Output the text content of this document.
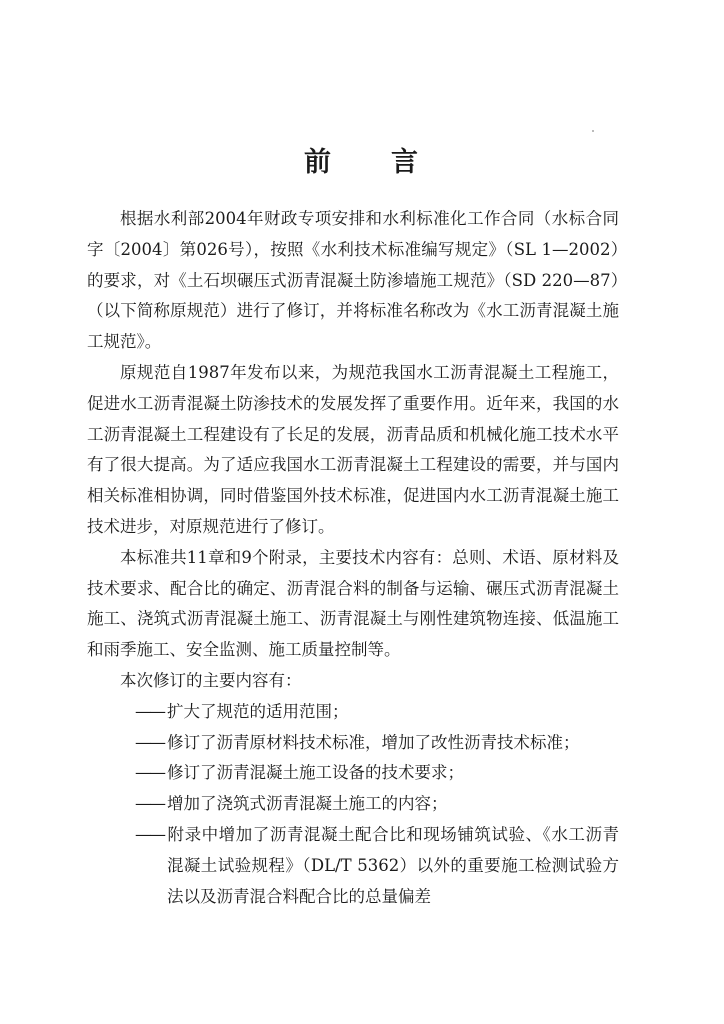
前 言

根据水利部2004年财政专项安排和水利标准化工作合同（水标合同字〔2004〕第026号），按照《水利技术标准编写规定》（SL 1—2002）的要求，对《土石坝碾压式沥青混凝土防渗墙施工规范》（SD 220—87）（以下简称原规范）进行了修订，并将标准名称改为《水工沥青混凝土施工规范》。

原规范自1987年发布以来，为规范我国水工沥青混凝土工程施工，促进水工沥青混凝土防渗技术的发展发挥了重要作用。近年来，我国的水工沥青混凝土工程建设有了长足的发展，沥青品质和机械化施工技术水平有了很大提高。为了适应我国水工沥青混凝土工程建设的需要，并与国内相关标准相协调，同时借鉴国外技术标准，促进国内水工沥青混凝土施工技术进步，对原规范进行了修订。

本标准共11章和9个附录，主要技术内容有：总则、术语、原材料及技术要求、配合比的确定、沥青混合料的制备与运输、碾压式沥青混凝土施工、浇筑式沥青混凝土施工、沥青混凝土与刚性建筑物连接、低温施工和雨季施工、安全监测、施工质量控制等。

本次修订的主要内容有：

—— 扩大了规范的适用范围；
—— 修订了沥青原材料技术标准，增加了改性沥青技术标准；
—— 修订了沥青混凝土施工设备的技术要求；
—— 增加了浇筑式沥青混凝土施工的内容；
—— 附录中增加了沥青混凝土配合比和现场铺筑试验、《水工沥青混凝土试验规程》（DL/T 5362）以外的重要施工检测试验方法以及沥青混合料配合比的总量偏差
